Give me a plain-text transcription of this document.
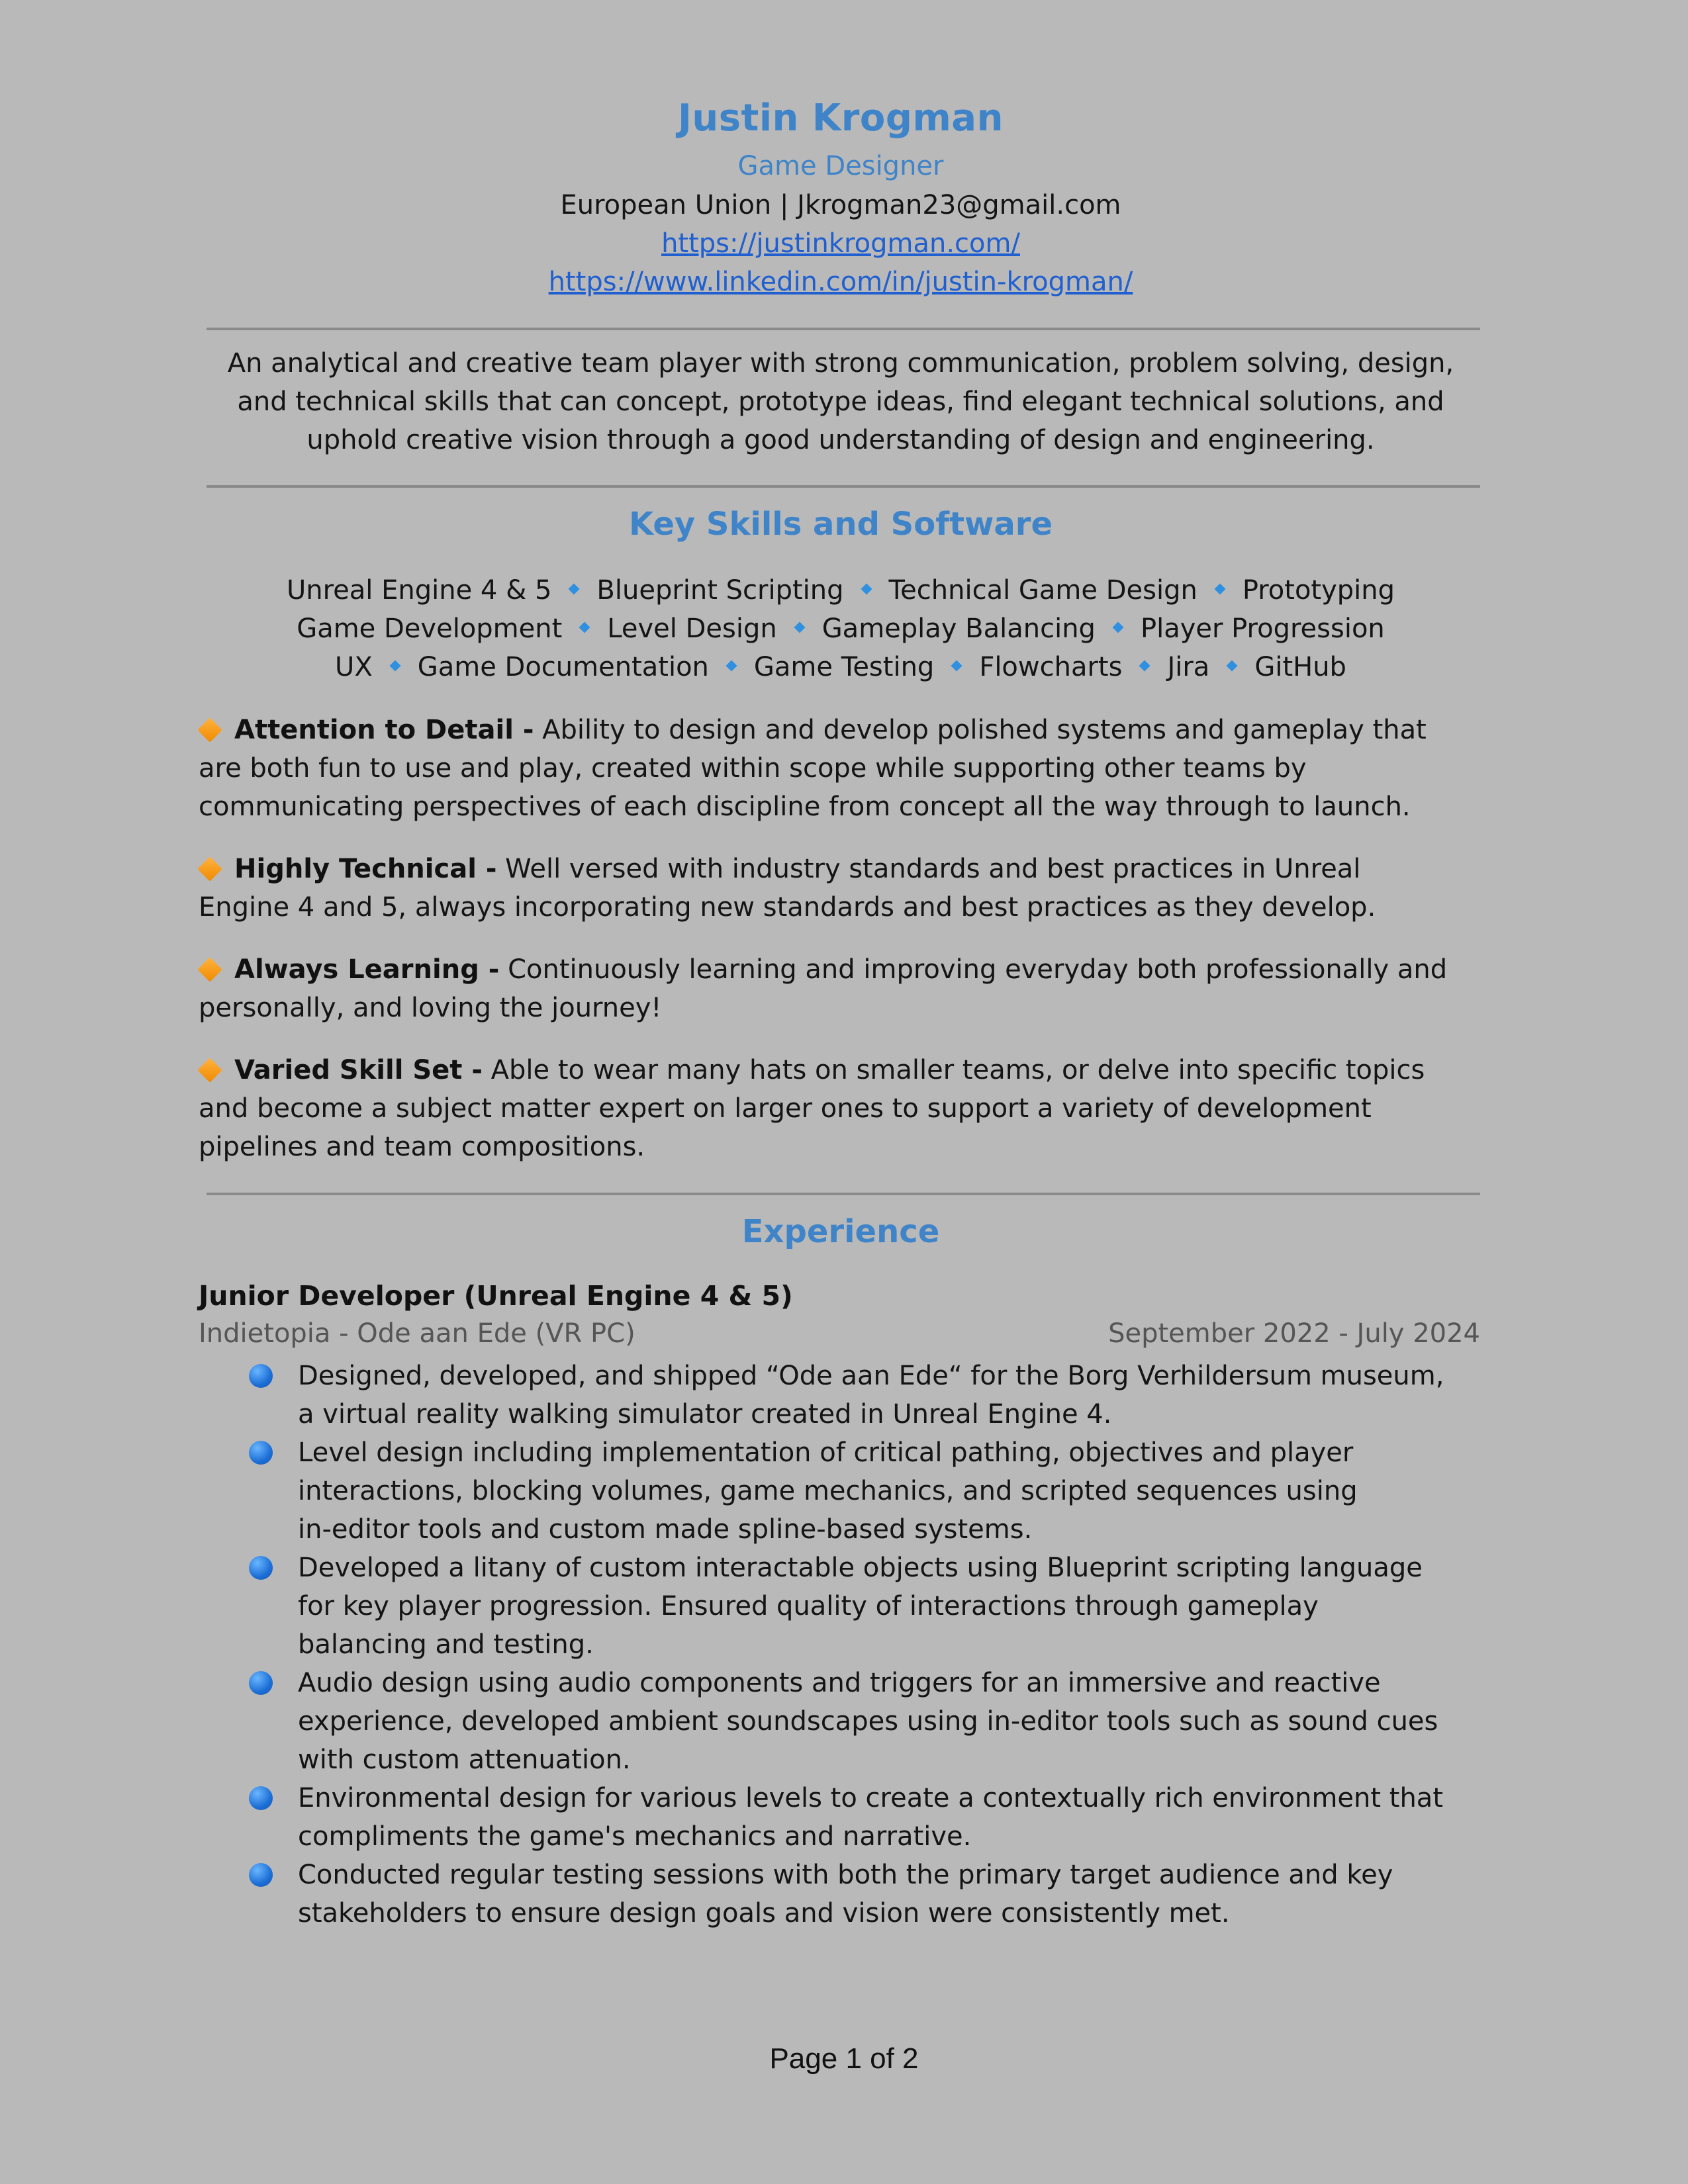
Justin Krogman
Game Designer
European Union | Jkrogman23@gmail.com
https://justinkrogman.com/
https://www.linkedin.com/in/justin-krogman/
An analytical and creative team player with strong communication, problem solving, design,
and technical skills that can concept, prototype ideas, find elegant technical solutions, and
uphold creative vision through a good understanding of design and engineering.
Key Skills and Software
Unreal Engine 4 & 5 Blueprint Scripting Technical Game Design Prototyping
Game Development Level Design Gameplay Balancing Player Progression
UX Game Documentation Game Testing Flowcharts Jira GitHub
Attention to Detail - Ability to design and develop polished systems and gameplay that
are both fun to use and play, created within scope while supporting other teams by
communicating perspectives of each discipline from concept all the way through to launch.
Highly Technical - Well versed with industry standards and best practices in Unreal
Engine 4 and 5, always incorporating new standards and best practices as they develop.
Always Learning - Continuously learning and improving everyday both professionally and
personally, and loving the journey!
Varied Skill Set - Able to wear many hats on smaller teams, or delve into specific topics
and become a subject matter expert on larger ones to support a variety of development
pipelines and team compositions.
Experience
Junior Developer (Unreal Engine 4 & 5)
Indietopia - Ode aan Ede (VR PC)	September 2022 - July 2024
Designed, developed, and shipped “Ode aan Ede“ for the Borg Verhildersum museum,
a virtual reality walking simulator created in Unreal Engine 4.
Level design including implementation of critical pathing, objectives and player
interactions, blocking volumes, game mechanics, and scripted sequences using
in-editor tools and custom made spline-based systems.
Developed a litany of custom interactable objects using Blueprint scripting language
for key player progression. Ensured quality of interactions through gameplay
balancing and testing.
Audio design using audio components and triggers for an immersive and reactive
experience, developed ambient soundscapes using in-editor tools such as sound cues
with custom attenuation.
Environmental design for various levels to create a contextually rich environment that
compliments the game's mechanics and narrative.
Conducted regular testing sessions with both the primary target audience and key
stakeholders to ensure design goals and vision were consistently met.
Page 1 of 2
